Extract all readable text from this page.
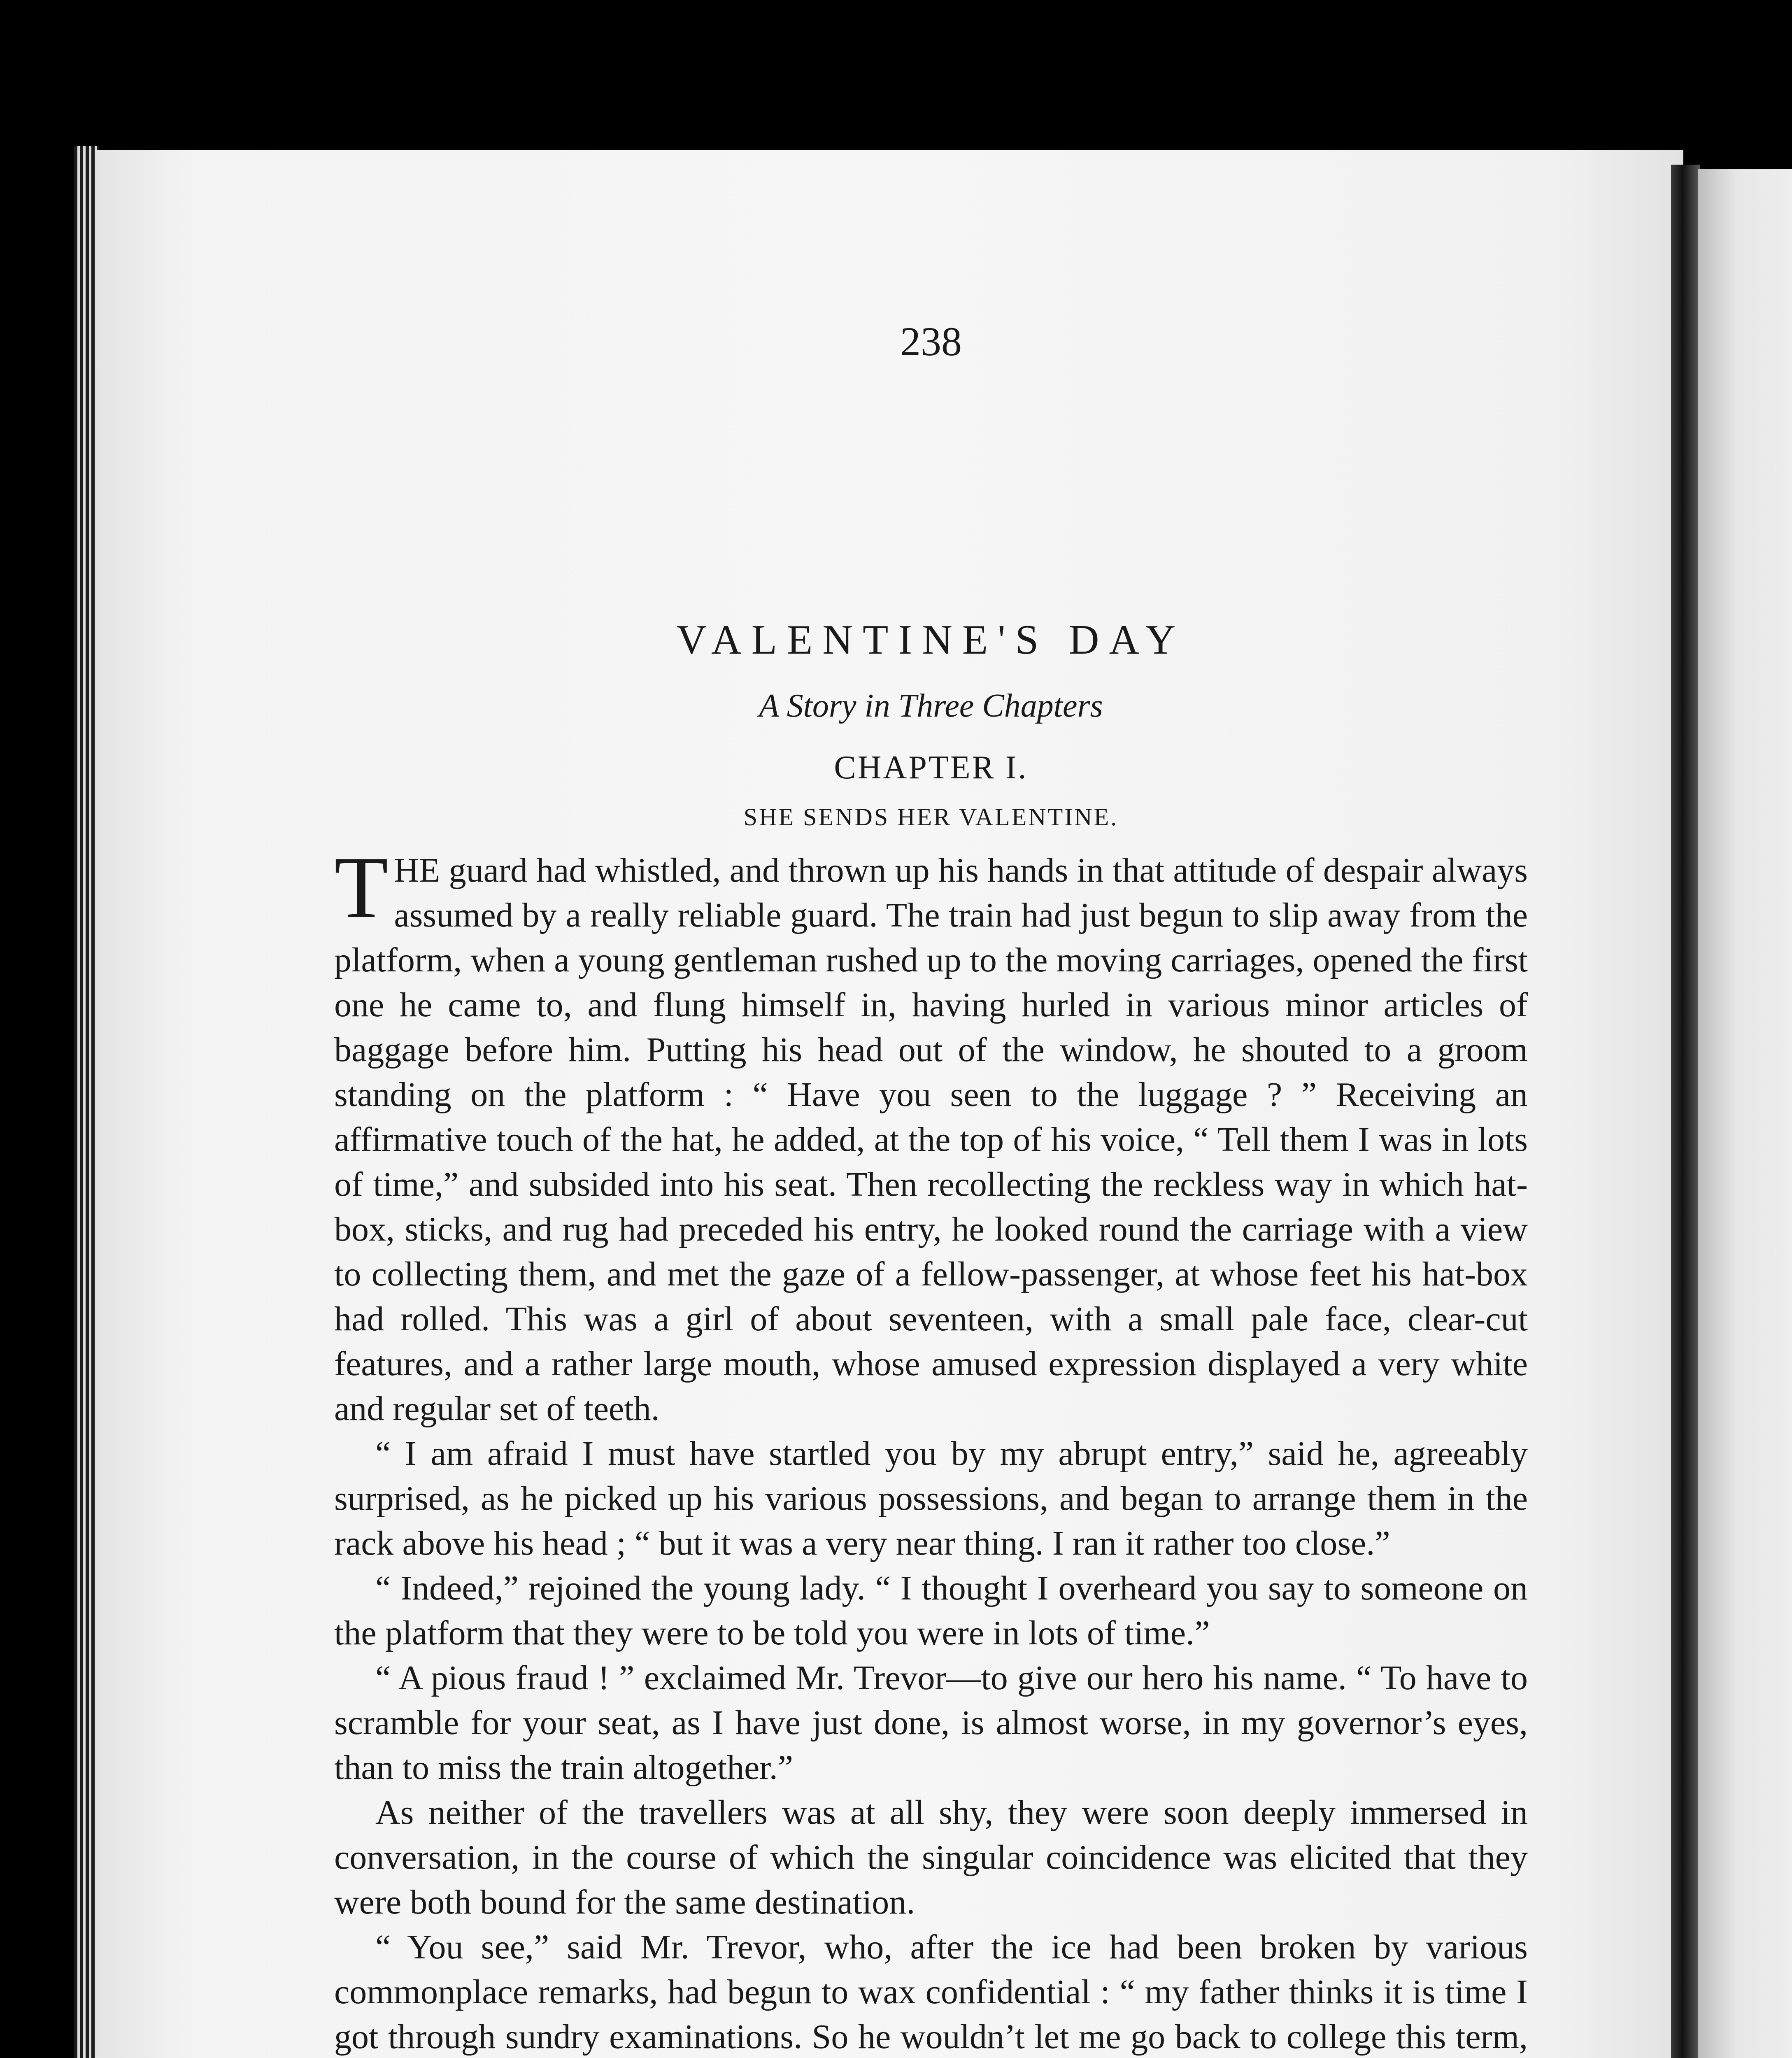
238
VALENTINE'S DAY
A Story in Three Chapters
CHAPTER I.
SHE SENDS HER VALENTINE.

THE guard had whistled, and thrown up his hands in that attitude of despair always assumed by a really reliable guard. The train had just begun to slip away from the platform, when a young gentleman rushed up to the moving carriages, opened the first one he came to, and flung himself in, having hurled in various minor articles of baggage before him. Putting his head out of the window, he shouted to a groom standing on the platform : “ Have you seen to the luggage ? ” Receiving an affirmative touch of the hat, he added, at the top of his voice, “ Tell them I was in lots of time,” and subsided into his seat. Then recollecting the reckless way in which hat-box, sticks, and rug had preceded his entry, he looked round the carriage with a view to collecting them, and met the gaze of a fellow-passenger, at whose feet his hat-box had rolled. This was a girl of about seventeen, with a small pale face, clear-cut features, and a rather large mouth, whose amused expression displayed a very white and regular set of teeth.

“ I am afraid I must have startled you by my abrupt entry,” said he, agreeably surprised, as he picked up his various possessions, and began to arrange them in the rack above his head ; “ but it was a very near thing. I ran it rather too close.”

“ Indeed,” rejoined the young lady. “ I thought I overheard you say to someone on the platform that they were to be told you were in lots of time.”

“ A pious fraud ! ” exclaimed Mr. Trevor—to give our hero his name. “ To have to scramble for your seat, as I have just done, is almost worse, in my governor’s eyes, than to miss the train altogether.”

As neither of the travellers was at all shy, they were soon deeply immersed in conversation, in the course of which the singular coincidence was elicited that they were both bound for the same destination.

“ You see,” said Mr. Trevor, who, after the ice had been broken by various commonplace remarks, had begun to wax confidential : “ my father thinks it is time I got through sundry examinations. So he wouldn’t let me go back to college this term,
